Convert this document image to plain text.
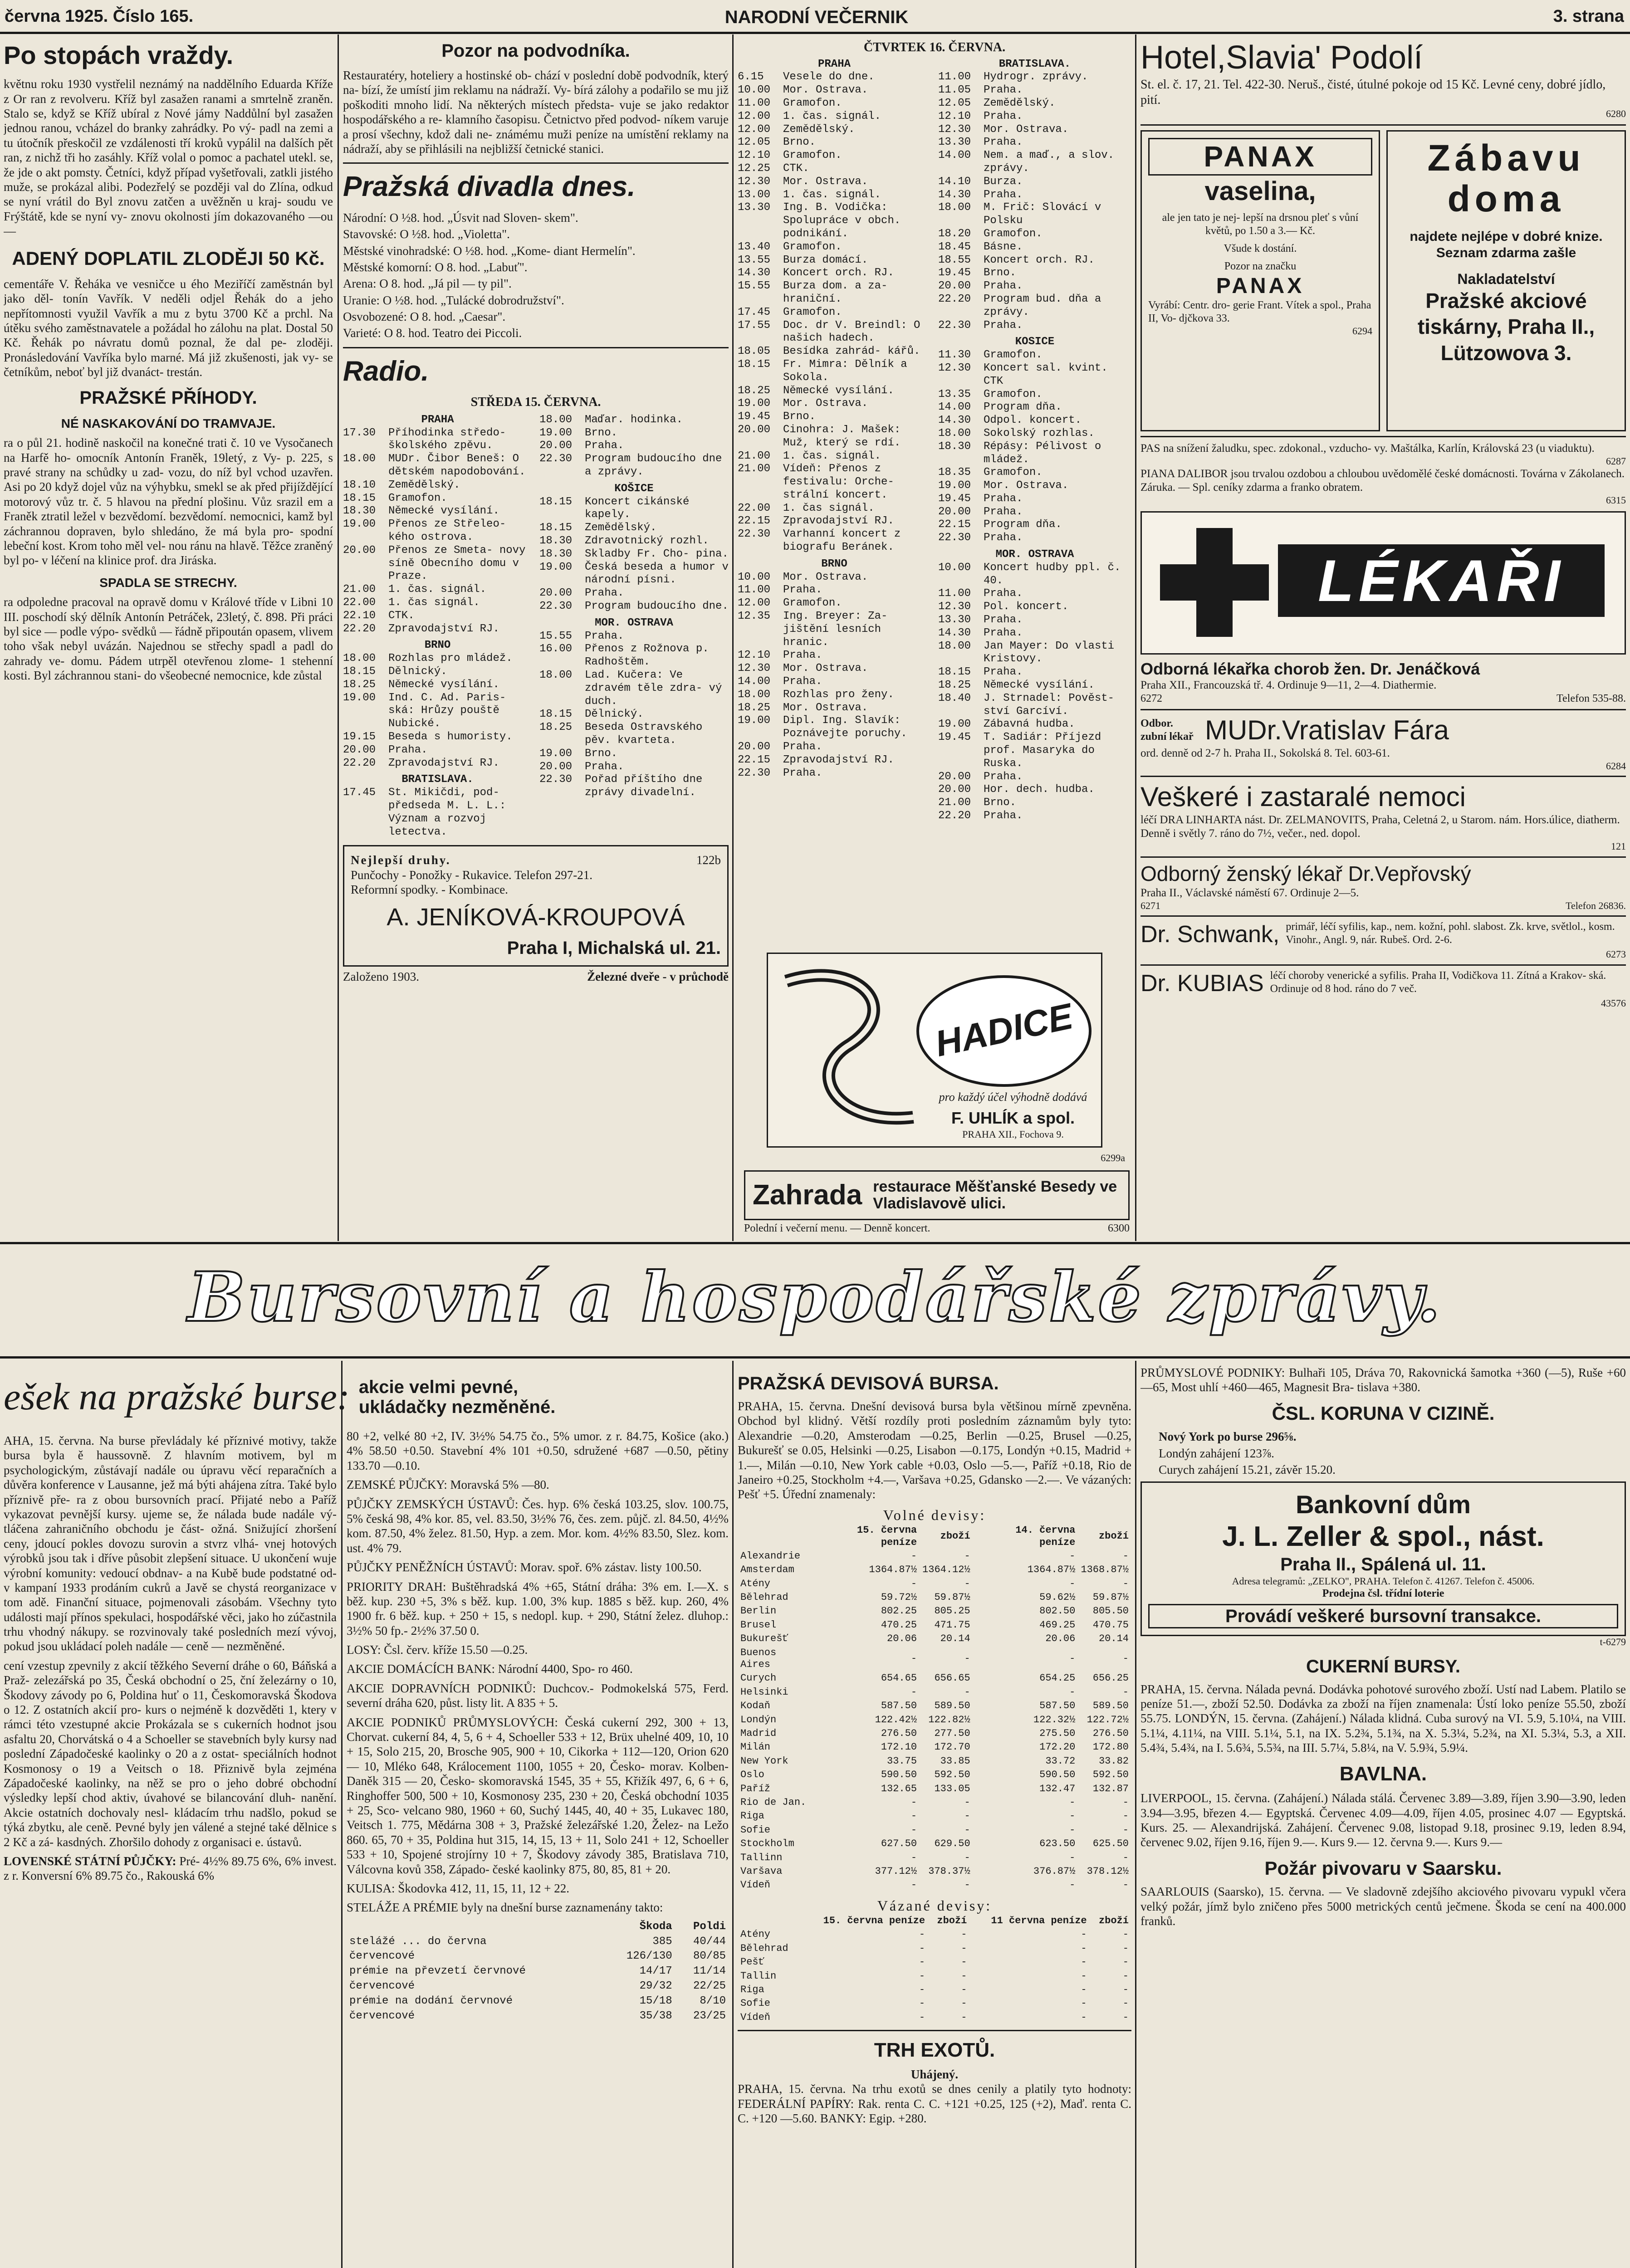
červnа 1925. Číslo 165.	NARODNÍ VEČERNIK	3. strana
Po stopách vraždy.

květnu roku 1930 vystřelil neznámý na naddělního Eduarda Kříže z Or ran z revolveru. Kříž byl zasažen ranami a smrtelně zraněn. Stalo se, když se Kříž ubíral z Nové jámy Naddůlní byl zasažen jednou ranou, vcházel do branky zahrádky. Po vý- padl na zemi a tu útočník přeskočil ze vzdálenosti tří kroků vypálil na dalších pět ran, z nichž tři ho zasáhly. Kříž volal o pomoc a pachatel utekl. se, že jde o akt pomsty. Četníci, když případ vyšetřovali, zatkli jistého muže, se prokázal alibi. Podezřelý se později val do Zlína, odkud se nyní vrátil do Byl znovu zatčen a uvěžněn u kraj- soudu ve Frýštátě, kde se nyní vy- znovu okolnosti jím dokazovaného —ou—

ADENÝ DOPLATIL ZLODĚJI 50 Kč.

cementáře V. Řeháka ve vesničce u ého Meziříčí zaměstnán byl jako děl- tonín Vavřík. V neděli odjel Řehák do a jeho nepřítomnosti využil Vavřík a mu z bytu 3700 Kč a prchl. Na útěku svého zaměstnavatele a požádal ho zálohu na plat. Dostal 50 Kč. Řehák po návratu domů poznal, že dal pe- zloději. Pronásledování Vavříka bylo marné. Má již zkušenosti, jak vy- se četníkům, neboť byl již dvanáct- trestán.

PRAŽSKÉ PŘÍHODY.
NÉ NASKAKOVÁNÍ DO TRAMVAJE.

ra o půl 21. hodině naskočil na konečné trati č. 10 ve Vysočanech na Harfě ho- omocník Antonín Franěk, 19letý, z Vy- p. 225, s pravé strany na schůdky u zad- vozu, do níž byl vchod uzavřen. Asi po 20 když dojel vůz na výhybku, smekl se ak před přijíždějící motorový vůz tr. č. 5 hlavou na přední plošinu. Vůz srazil em a Franěk ztratil ležel v bezvědomí. bezvědomí. nemocnici, kamž byl záchrannou dopraven, bylo shledáno, že má byla pro- spodní lebeční kost. Krom toho měl vel- nou ránu na hlavě. Těžce zraněný byl po- v léčení na klinice prof. dra Jiráska.

SPADLA SE STRECHY.

ra odpoledne pracoval na opravě domu v Králové tříde v Libni 10 III. poschodí ský dělník Antonín Petráček, 23letý, č. 898. Při práci byl sice — podle výpo- svědků — řádně připoután opasem, vlivem toho však nebyl uvázán. Najednou se střechy spadl a padl do zahrady ve- domu. Pádem utrpěl otevřenou zlome- 1 stehenní kosti. Byl záchrannou stani- do všeobecné nemocnice, kde zůstal

Pozor na podvodníka.

Restauratéry, hoteliery a hostinské ob- chází v poslední době podvodník, který na- bízí, že umístí jim reklamu na nádraží. Vy- bírá zálohy a podařilo se mu již poškoditi mnoho lidí. Na některých místech předsta- vuje se jako redaktor hospodářského a re- klamního časopisu. Četnictvo před podvod- níkem varuje a prosí všechny, kdož dali ne- známému muži peníze na umístění reklamy na nádraží, aby se přihlásili na nejbližší četnické stanici.

Pražská divadla dnes.

Národní: O ½8. hod. „Úsvit nad Sloven- skem".

Stavovské: O ½8. hod. „Violetta".

Městské vinohradské: O ½8. hod. „Kome- diant Hermelín".

Městské komorní: O 8. hod. „Labuť".

Arena: O 8. hod. „Já pil — ty pil".

Uranie: O ½8. hod. „Tulácké dobrodružství".

Osvobozené: O 8. hod. „Caesar".

Varieté: O 8. hod. Teatro dei Piccoli.

Radio.
STŘEDA 15. ČERVNA.
PRAHA
17.30	Příhodinka středo- školského zpěvu.
18.00	MUDr. Čibor Beneš: O dětském napodobování.
18.10	Zemědělský.
18.15	Gramofon.
18.30	Německé vysílání.
19.00	Přenos ze Střeleo- kého ostrova.
20.00	Přenos ze Smeta- novy síně Obecního domu v Praze.
21.00	1. čas. signál.
22.00	1. čas signál.
22.10	CTK.
22.20	Zpravodajství RJ.
BRNO
18.00	Rozhlas pro mládež.
18.15	Dělnický.
18.25	Německé vysílání.
19.00	Ind. C. Ad. Paris- ská: Hrůzy pouště Nubické.
19.15	Beseda s humoristy.
20.00	Praha.
22.20	Zpravodajství RJ.
BRATISLAVA.
17.45	St. Mikičdi, pod- předseda M. L. L.: Význam a rozvoj letectva.
18.00	Maďar. hodinka.
19.00	Brno.
20.00	Praha.
22.30	Program budoucího dne a zprávy.
KOŠICE
18.15	Koncert cikánské kapely.
18.15	Zemědělský.
18.30	Zdravotnický rozhl.
18.30	Skladby Fr. Cho- pina.
19.00	Česká beseda a humor v národní písni.
20.00	Praha.
22.30	Program budoucího dne.
MOR. OSTRAVA
15.55	Praha.
16.00	Přenos z Rožnova p. Radhoštěm.
18.00	Lad. Kučera: Ve zdravém těle zdra- vý duch.
18.15	Dělnický.
18.25	Beseda Ostravského pěv. kvarteta.
19.00	Brno.
20.00	Praha.
22.30	Pořad příštího dne zprávy divadelní.
Nejlepší druhy.	122b
Punčochy - Ponožky - Rukavice. Telefon 297-21.
Reformní spodky. - Kombinace.
A. JENÍKOVÁ-KROUPOVÁ
Praha I, Michalská ul. 21.
Založeno 1903.	Železné dveře - v průchodě
ČTVRTEK 16. ČERVNA.
PRAHA
6.15	Vesele do dne.
10.00	Mor. Ostrava.
11.00	Gramofon.
12.00	1. čas. signál.
12.00	Zemědělský.
12.05	Brno.
12.10	Gramofon.
12.25	CTK.
12.30	Mor. Ostrava.
13.00	1. čas. signál.
13.30	Ing. B. Vodička: Spolupráce v obch. podnikání.
13.40	Gramofon.
13.55	Burza domácí.
14.30	Koncert orch. RJ.
15.55	Burza dom. a za- hraniční.
17.45	Gramofon.
17.55	Doc. dr V. Breindl: O našich hadech.
18.05	Besídka zahrád- kářů.
18.15	Fr. Mimra: Dělník a Sokola.
18.25	Německé vysílání.
19.00	Mor. Ostrava.
19.45	Brno.
20.00	Cinohra: J. Mašek: Muž, který se rdí.
21.00	1. čas. signál.
21.00	Vídeň: Přenos z festivalu: Orche- strální koncert.
22.00	1. čas signál.
22.15	Zpravodajství RJ.
22.30	Varhanní koncert z biografu Beránek.
BRNO
10.00	Mor. Ostrava.
11.00	Praha.
12.00	Gramofon.
12.35	Ing. Breyer: Za- jištění lesních hranic.
12.10	Praha.
12.30	Mor. Ostrava.
14.00	Praha.
18.00	Rozhlas pro ženy.
18.25	Mor. Ostrava.
19.00	Dipl. Ing. Slavík: Poznávejte poruchy.
20.00	Praha.
22.15	Zpravodajství RJ.
22.30	Praha.
BRATISLAVA.
11.00	Hydrogr. zprávy.
11.05	Praha.
12.05	Zemědělský.
12.10	Praha.
12.30	Mor. Ostrava.
13.30	Praha.
14.00	Nem. a maď., a slov. zprávy.
14.10	Burza.
14.30	Praha.
18.00	M. Frič: Slovácí v Polsku
18.20	Gramofon.
18.45	Básne.
18.55	Koncert orch. RJ.
19.45	Brno.
20.00	Praha.
22.20	Program bud. dňa a zprávy.
22.30	Praha.
KOSICE
11.30	Gramofon.
12.30	Koncert sal. kvint. CTK
13.35	Gramofon.
14.00	Program dňa.
14.30	Odpol. koncert.
18.00	Sokolský rozhlas.
18.30	Répásy: Pélivost o mládež.
18.35	Gramofon.
19.00	Mor. Ostrava.
19.45	Praha.
20.00	Praha.
22.15	Program dňa.
22.30	Praha.
MOR. OSTRAVA
10.00	Koncert hudby ppl. č. 40.
11.00	Praha.
12.30	Pol. koncert.
13.30	Praha.
14.30	Praha.
18.00	Jan Mayer: Do vlasti Kristovy.
18.15	Praha.
18.25	Německé vysílání.
18.40	J. Strnadel: Pověst- ství Garcíví.
19.00	Zábavná hudba.
19.45	T. Sadiár: Příjezd prof. Masaryka do Ruska.
20.00	Praha.
20.00	Hor. dech. hudba.
21.00	Brno.
22.20	Praha.
HADICE
pro každý účel výhodně dodává
F. UHLÍK a spol.
PRAHA XII., Fochova 9.
6299a
Zahrada restaurace Měšťanské Besedy ve Vladislavově ulici.
Polední i večerní menu. — Denně koncert.	6300
Hotel,Slavia' Podolí
St. el. č. 17, 21. Tel. 422-30. Neruš., čisté, útulné pokoje od 15 Kč. Levné ceny, dobré jídlo, pití.
6280
PANAX
vaselina,
ale jen tato je nej- lepší na drsnou pleť s vůní květů, po 1.50 a 3.— Kč.
Všude k dostání.
Pozor na značku
PANAX
Vyrábí: Centr. dro- gerie Frant. Vítek a spol., Praha II, Vo- djčkova 33.
6294
Zábavu doma
najdete nejlépe v dobré knize. Seznam zdarma zašle
Nakladatelství
Pražské akciové tiskárny, Praha II., Lützowova 3.
PAS na snížení žaludku, spec. zdokonal., vzducho- vy. Maštálka, Karlín, Královská 23 (u viaduktu).
6287
PIANA DALIBOR jsou trvalou ozdobou a chloubou uvědomělé české domácnosti. Továrna v Zákolanech. Záruka. — Spl. ceníky zdarma a franko obratem.
6315
LÉKAŘI
Odborná lékařka chorob žen. Dr. Jenáčková
Praha XII., Francouzská tř. 4. Ordinuje 9—11, 2—4. Diathermie.
6272	Telefon 535-88.
Odbor. zubní lékař MUDr.Vratislav Fára
ord. denně od 2-7 h. Praha II., Sokolská 8. Tel. 603-61.
6284
Veškeré i zastaralé nemoci
léčí DRA LINHARTA nást. Dr. ZELMANOVITS, Praha, Celetná 2, u Starom. nám. Hors.úlice, diatherm. Denně i světly 7. ráno do 7½, večer., ned. dopol.
121
Odborný ženský lékař Dr.Vepřovský
Praha II., Václavské náměstí 67. Ordinuje 2—5.
6271	Telefon 26836.
Dr. Schwank, primář, léčí syfilis, kap., nem. kožní, pohl. slabost. Zk. krve, světlol., kosm. Vinohr., Angl. 9, nár. Rubeš. Ord. 2-6.
6273
Dr. KUBIAS léčí choroby venerické a syfilis. Praha II, Vodičkova 11. Zítná a Krakov- ská. Ordinuje od 8 hod. ráno do 7 več.
43576
Bursovní a hospodářské zprávy.
ešek na pražské burse: akcie velmi pevné, ukládačky nezměněné.

AHA, 15. června. Na burse převládaly ké příznivé motivy, takže bursa byla ě haussovně. Z hlavním motivem, byl m psychologickým, zůstávají nadále ou úpravu věcí reparačních a důvěra konference v Lausanne, jež má býti ahájena zítra. Také bylo příznivě pře- ra z obou bursovních prací. Přijaté nebo a Paříž vykazovat pevnější kursy. ujeme se, že nálada bude nadále vý- tláčena zahraničního obchodu je část- ožná. Snižující zhoršení ceny, jdoucí pokles dovozu surovin a stvrz vlhá- vnej hotových výrobků jsou tak i dříve působit zlepšení situace. U ukončení wuje výrobní komunity: vedoucí obdnav- a na Kubě bude podstatné od- v kampaní 1933 prodáním cukrů a Javě se chystá reorganizace v tom adě. Finanční situace, pojmenovali zásobám. Všechny tyto události mají přínos spekulaci, hospodářské věci, jako ho zúčastnila trhu vhodný nákupy. se rozvinovaly také posledních mezí vývoj, pokud jsou ukládací poleh nadále — ceně — nezměněné.

cení vzestup zpevnily z akcií těžkého Severní dráhe o 60, Báňská a Praž- zelezářská po 35, Česká obchodní o 25, ční železárny o 10, Škodovy závody po 6, Poldina huť o 11, Českomoravská Škodova o 12. Z ostatních akcií pro- kurs o nejméně k dozvěděti 1, ktery v rámci této vzestupné akcie Prokázala se s cukerních hodnot jsou asfaltu 20, Chorvátská o 4 a Schoeller se stavebních byly kursy nad poslední Západočeské kaolinky o 20 a z ostat- speciálních hodnot Kosmonosy o 19 a Veitsch o 18. Přiznivě byla zejména Západočeské kaolinky, na něž se pro o jeho dobré obchodní výsledky lepší chod aktiv, úvahové se bilancování dluh- nanění. Akcie ostatních dochovaly nesl- kládacím trhu nadšlo, pokud se týká zbytku, ale ceně. Pevné byly jen válené a stejné také dělnice s 2 Kč a zá- kasdných. Zhoršilo dohody z organisaci e. ústavů.

LOVENSKÉ STÁTNÍ PŮJČKY: Pré- 4½% 89.75 6%, 6% invest. z r. Konversní 6% 89.75 čo., Rakouská 6%

80 +2, velké 80 +2, IV. 3½% 54.75 čo., 5% umor. z r. 84.75, Košice (ako.) 4% 58.50 +0.50. Stavební 4% 101 +0.50, sdružené +687 —0.50, pětiny 133.70 —0.10.

ZEMSKÉ PŮJČKY: Moravská 5% —80.

PŮJČKY ZEMSKÝCH ÚSTAVŮ: Čes. hyp. 6% česká 103.25, slov. 100.75, 5% česká 98, 4% kor. 85, vel. 83.50, 3½% 76, čes. zem. půjč. zl. 84.50, 4½% kom. 87.50, 4% želez. 81.50, Hyp. a zem. Mor. kom. 4½% 83.50, Slez. kom. ust. 4% 79.

PŮJČKY PENĚŽNÍCH ÚSTAVŮ: Morav. spoř. 6% zástav. listy 100.50.

PRIORITY DRAH: Buštěhradská 4% +65, Státní dráha: 3% em. I.—X. s běž. kup. 230 +5, 3% s běž. kup. 1.00, 3% kup. 1885 s běž. kup. 260, 4% 1900 fr. 6 běž. kup. + 250 + 15, s nedopl. kup. + 290, Státní želez. dluhop.: 3½% 50 fp.- 2½% 37.50 0.

LOSY: Čsl. červ. kříže 15.50 —0.25.

AKCIE DOMÁCÍCH BANK: Národní 4400, Spo- ro 460.

AKCIE DOPRAVNÍCH PODNIKŮ: Duchcov.- Podmokelská 575, Ferd. severní dráha 620, půst. listy lit. A 835 + 5.

AKCIE PODNIKŮ PRŮMYSLOVÝCH: Česká cukerní 292, 300 + 13, Chorvat. cukerní 84, 4, 5, 6 + 4, Schoeller 533 + 12, Brüx uhelné 409, 10, 10 + 15, Solo 215, 20, Brosche 905, 900 + 10, Cikorka + 112—120, Orion 620 — 10, Mléko 648, Králocement 1100, 1055 + 20, Česko- morav. Kolben-Daněk 315 — 20, Česko- skomoravská 1545, 35 + 55, Křižík 497, 6, 6 + 6, Ringhoffer 500, 500 + 10, Kosmonosy 235, 230 + 20, Česká obchodní 1035 + 25, Sco- velcano 980, 1960 + 60, Suchý 1445, 40, 40 + 35, Lukavec 180, Veitsch 1. 775, Mědárna 308 + 3, Pražské železářské 1.20, Želez- na Ležo 860. 65, 70 + 35, Poldina hut 315, 14, 15, 13 + 11, Solo 241 + 12, Schoeller 533 + 10, Spojené strojírny 10 + 7, Škodovy závody 385, Bratislava 710, Válcovna kovů 358, Západo- české kaolinky 875, 80, 85, 81 + 20.

KULISA: Škodovka 412, 11, 15, 11, 12 + 22.

STELÁŽE A PRÉMIE byly na dnešní burse zaznamenány takto:

	Škoda	Poldi
stelážé ... do června	385	40/44
červencové	126/130	80/85
prémie na převzetí červnové	14/17	11/14
červencové	29/32	22/25
prémie na dodání červnové	15/18	8/10
červencové	35/38	23/25
PRAŽSKÁ DEVISOVÁ BURSA.

PRAHA, 15. června. Dnešní devisová bursa byla většinou mírně zpevněna. Obchod byl klidný. Větší rozdíly proti posledním záznamům byly tyto: Alexandrie —0.20, Amsterodam —0.25, Berlin —0.25, Brusel —0.25, Bukurešť se 0.05, Helsinki —0.25, Lisabon —0.175, Londýn +0.15, Madrid + 1.—, Milán —0.10, New York cable +0.03, Oslo —5.—, Paříž +0.18, Rio de Janeiro +0.25, Stockholm +4.—, Varšava +0.25, Gdansko —2.—. Ve vázaných: Pešť +5. Úřední znamenaly:

Volné devisy:
	15. června peníze	zboží	14. června peníze	zboží
Alexandrie	-	-	-	-
Amsterdam	1364.87½	1364.12½	1364.87½	1368.87½
Atény	-	-	-	-
Bělehrad	59.72½	59.87½	59.62½	59.87½
Berlin	802.25	805.25	802.50	805.50
Brusel	470.25	471.75	469.25	470.75
Bukurešť	20.06	20.14	20.06	20.14
Buenos Aires	-	-	-	-
Curych	654.65	656.65	654.25	656.25
Helsinki	-	-	-	-
Kodaň	587.50	589.50	587.50	589.50
Londýn	122.42½	122.82½	122.32½	122.72½
Madrid	276.50	277.50	275.50	276.50
Milán	172.10	172.70	172.20	172.80
New York	33.75	33.85	33.72	33.82
Oslo	590.50	592.50	590.50	592.50
Paříž	132.65	133.05	132.47	132.87
Rio de Jan.	-	-	-	-
Riga	-	-	-	-
Sofie	-	-	-	-
Stockholm	627.50	629.50	623.50	625.50
Tallinn	-	-	-	-
Varšava	377.12½	378.37½	376.87½	378.12½
Vídeň	-	-	-	-
Vázané devisy:
	15. června peníze	zboží	11 června peníze	zboží
Atény	-	-	-	-
Bělehrad	-	-	-	-
Pešť	-	-	-	-
Tallin	-	-	-	-
Riga	-	-	-	-
Sofie	-	-	-	-
Vídeň	-	-	-	-
TRH EXOTŮ.
Uhájený.

PRAHA, 15. června. Na trhu exotů se dnes cenily a platily tyto hodnoty: FEDERÁLNÍ PAPÍRY: Rak. renta C. C. +121 +0.25, 125 (+2), Maď. renta C. C. +120 —5.60. BANKY: Egip. +280.

PRŮMYSLOVÉ PODNIKY: Bulhaři 105, Dráva 70, Rakovnická šamotka +360 (—5), Ruše +60—65, Most uhlí +460—465, Magnesit Bra- tislava +380.

ČSL. KORUNA V CIZINĚ.

Nový York po burse 296⅝.

Londýn zahájení 123⅞.

Curych zahájení 15.21, závěr 15.20.

Bankovní dům
J. L. Zeller & spol., nást.
Praha II., Spálená ul. 11.
Adresa telegramů: „ZELKO", PRAHA. Telefon č. 41267. Telefon č. 45006.
Prodejna čsl. třídní loterie
Provádí veškeré bursovní transakce.
t-6279
CUKERNÍ BURSY.

PRAHA, 15. června. Nálada pevná. Dodávka pohotové surového zboží. Ustí nad Labem. Platilo se peníze 51.—, zboží 52.50. Dodávka za zboží na říjen znamenala: Ústí loko peníze 55.50, zboží 55.75. LONDÝN, 15. června. (Zahájení.) Nálada klidná. Cuba surový na VI. 5.9, 5.10¼, na VIII. 5.1¼, 4.11¼, na VIII. 5.1¼, 5.1, na IX. 5.2¾, 5.1¾, na X. 5.3¼, 5.2¾, na XI. 5.3¼, 5.3, a XII. 5.4¾, 5.4¾, na I. 5.6¾, 5.5¾, na III. 5.7¼, 5.8¼, na V. 5.9¾, 5.9¼.

BAVLNA.

LIVERPOOL, 15. června. (Zahájení.) Nálada stálá. Červenec 3.89—3.89, říjen 3.90—3.90, leden 3.94—3.95, březen 4.— Egyptská. Červenec 4.09—4.09, říjen 4.05, prosinec 4.07 — Egyptská. Kurs. 25. — Alexandrijská. Zahájení. Červenec 9.08, listopad 9.18, prosinec 9.19, leden 8.94, červenec 9.02, říjen 9.16, říjen 9.—. Kurs 9.— 12. června 9.—. Kurs 9.—

Požár pivovaru v Saarsku.

SAARLOUIS (Saarsko), 15. června. — Ve sladovně zdejšího akciového pivovaru vypukl včera velký požár, jímž bylo zničeno přes 5000 metrických centů ječmene. Škoda se cení na 400.000 franků.
